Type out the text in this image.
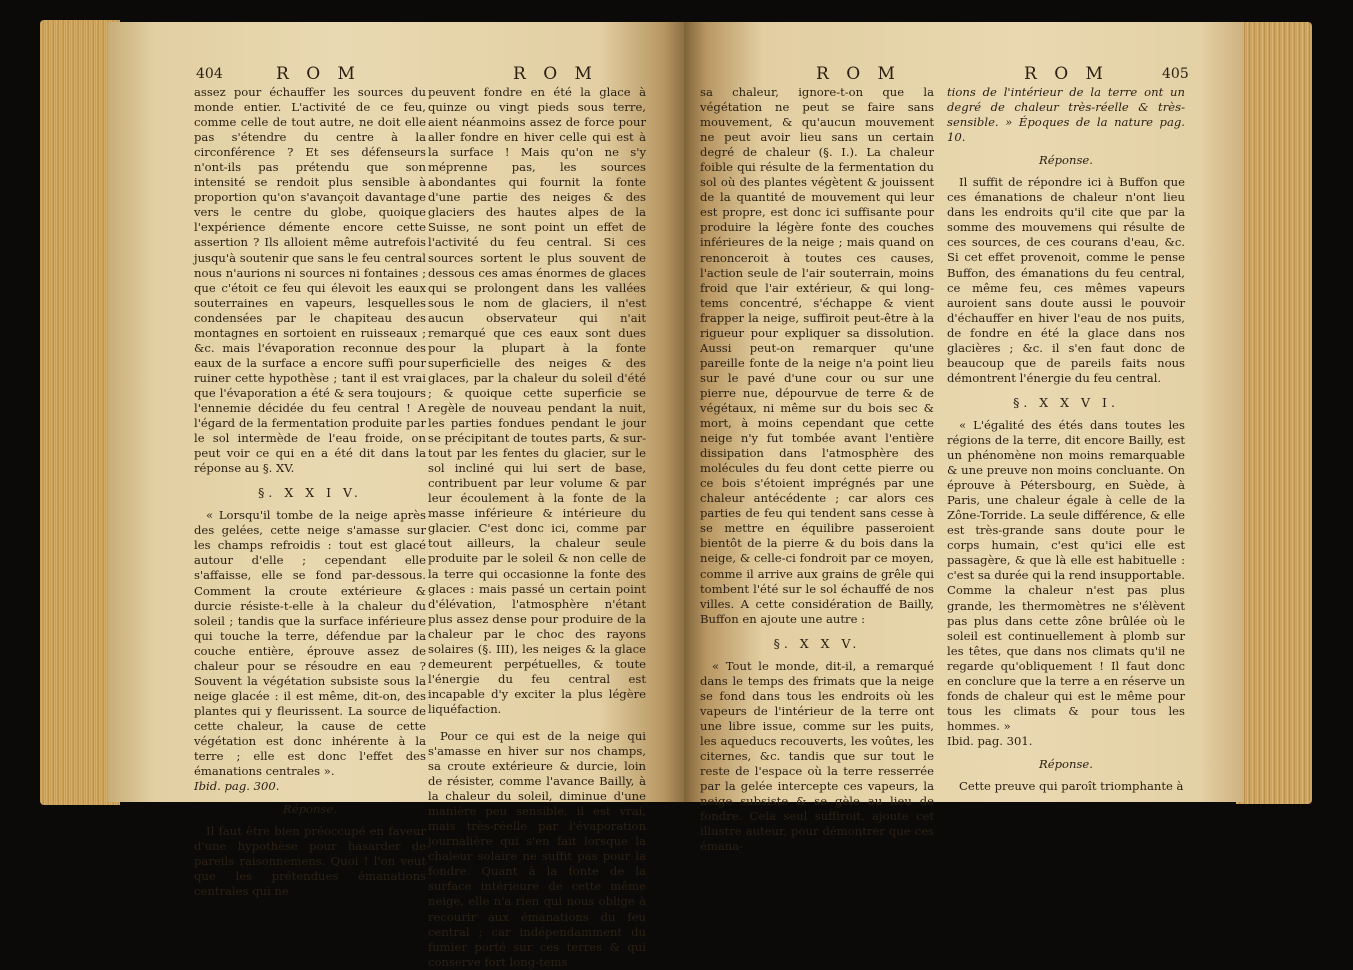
404	R O M	R O M

assez pour échauffer les sources du monde entier. L'activité de ce feu, comme celle de tout autre, ne doit elle pas s'étendre du centre à la circonférence ? Et ses défenseurs n'ont-ils pas prétendu que son intensité se rendoit plus sensible à proportion qu'on s'avançoit davantage vers le centre du globe, quoique l'expérience démente encore cette assertion ? Ils alloient même autrefois jusqu'à soutenir que sans le feu central nous n'aurions ni sources ni fontaines ; que c'étoit ce feu qui élevoit les eaux souterraines en vapeurs, lesquelles condensées par le chapiteau des montagnes en sortoient en ruisseaux ; &c. mais l'évaporation reconnue des eaux de la surface a encore suffi pour ruiner cette hypothèse ; tant il est vrai que l'évaporation a été & sera toujours l'ennemie décidée du feu central ! A l'égard de la fermentation produite par le sol intermède de l'eau froide, on peut voir ce qui en a été dit dans la réponse au §. XV.

§. X X I V.

« Lorsqu'il tombe de la neige après des gelées, cette neige s'amasse sur les champs refroidis : tout est glacé autour d'elle ; cependant elle s'affaisse, elle se fond par-dessous. Comment la croute extérieure & durcie résiste-t-elle à la chaleur du soleil ; tandis que la surface inférieure qui touche la terre, défendue par la couche entière, éprouve assez de chaleur pour se résoudre en eau ? Souvent la végétation subsiste sous la neige glacée : il est même, dit-on, des plantes qui y fleurissent. La source de cette chaleur, la cause de cette végétation est donc inhérente à la terre ; elle est donc l'effet des émanations centrales ».

Ibid. pag. 300.

Réponse.

Il faut être bien préoccupé en faveur d'une hypothèse pour hasarder de pareils raisonnemens. Quoi ! l'on veut que les prétendues émanations centrales qui ne

peuvent fondre en été la glace à quinze ou vingt pieds sous terre, aient néanmoins assez de force pour aller fondre en hiver celle qui est à la surface ! Mais qu'on ne s'y méprenne pas, les sources abondantes qui fournit la fonte d'une partie des neiges & des glaciers des hautes alpes de la Suisse, ne sont point un effet de l'activité du feu central. Si ces sources sortent le plus souvent de dessous ces amas énormes de glaces qui se prolongent dans les vallées sous le nom de glaciers, il n'est aucun observateur qui n'ait remarqué que ces eaux sont dues pour la plupart à la fonte superficielle des neiges & des glaces, par la chaleur du soleil d'été ; & quoique cette superficie se regèle de nouveau pendant la nuit, les parties fondues pendant le jour se précipitant de toutes parts, & sur-tout par les fentes du glacier, sur le sol incliné qui lui sert de base, contribuent par leur volume & par leur écoulement à la fonte de la masse inférieure & intérieure du glacier. C'est donc ici, comme par tout ailleurs, la chaleur seule produite par le soleil & non celle de la terre qui occasionne la fonte des glaces : mais passé un certain point d'élévation, l'atmosphère n'étant plus assez dense pour produire de la chaleur par le choc des rayons solaires (§. III), les neiges & la glace demeurent perpétuelles, & toute l'énergie du feu central est incapable d'y exciter la plus légère liquéfaction.

Pour ce qui est de la neige qui s'amasse en hiver sur nos champs, sa croute extérieure & durcie, loin de résister, comme l'avance Bailly, à la chaleur du soleil, diminue d'une manière peu sensible, il est vrai, mais très-réelle par l'évaporation journalière qui s'en fait lorsque la chaleur solaire ne suffit pas pour la fondre. Quant à la fonte de la surface intérieure de cette même neige, elle n'a rien qui nous oblige à recourir aux émanations du feu central ; car indépendamment du fumier porté sur ces terres & qui conserve fort long-tems

R O M	R O M	405

sa chaleur, ignore-t-on que la végétation ne peut se faire sans mouvement, & qu'aucun mouvement ne peut avoir lieu sans un certain degré de chaleur (§. I.). La chaleur foible qui résulte de la fermentation du sol où des plantes végètent & jouissent de la quantité de mouvement qui leur est propre, est donc ici suffisante pour produire la légère fonte des couches inférieures de la neige ; mais quand on renonceroit à toutes ces causes, l'action seule de l'air souterrain, moins froid que l'air extérieur, & qui long-tems concentré, s'échappe & vient frapper la neige, suffiroit peut-être à la rigueur pour expliquer sa dissolution. Aussi peut-on remarquer qu'une pareille fonte de la neige n'a point lieu sur le pavé d'une cour ou sur une pierre nue, dépourvue de terre & de végétaux, ni même sur du bois sec & mort, à moins cependant que cette neige n'y fut tombée avant l'entière dissipation dans l'atmosphère des molécules du feu dont cette pierre ou ce bois s'étoient imprégnés par une chaleur antécédente ; car alors ces parties de feu qui tendent sans cesse à se mettre en équilibre passeroient bientôt de la pierre & du bois dans la neige, & celle-ci fondroit par ce moyen, comme il arrive aux grains de grêle qui tombent l'été sur le sol échauffé de nos villes. A cette considération de Bailly, Buffon en ajoute une autre :

§. X X V.

« Tout le monde, dit-il, a remarqué dans le temps des frimats que la neige se fond dans tous les endroits où les vapeurs de l'intérieur de la terre ont une libre issue, comme sur les puits, les aqueducs recouverts, les voûtes, les citernes, &c. tandis que sur tout le reste de l'espace où la terre resserrée par la gelée intercepte ces vapeurs, la neige subsiste & se gèle au lieu de fondre. Cela seul suffiroit, ajoute cet illustre auteur, pour démontrer que ces émana-

tions de l'intérieur de la terre ont un degré de chaleur très-réelle & très-sensible. » Époques de la nature pag. 10.

Réponse.

Il suffit de répondre ici à Buffon que ces émanations de chaleur n'ont lieu dans les endroits qu'il cite que par la somme des mouvemens qui résulte de ces sources, de ces courans d'eau, &c. Si cet effet provenoit, comme le pense Buffon, des émanations du feu central, ce même feu, ces mêmes vapeurs auroient sans doute aussi le pouvoir d'échauffer en hiver l'eau de nos puits, de fondre en été la glace dans nos glacières ; &c. il s'en faut donc de beaucoup que de pareils faits nous démontrent l'énergie du feu central.

§. X X V I.

« L'égalité des étés dans toutes les régions de la terre, dit encore Bailly, est un phénomène non moins remarquable & une preuve non moins concluante. On éprouve à Pétersbourg, en Suède, à Paris, une chaleur égale à celle de la Zône-Torride. La seule différence, & elle est très-grande sans doute pour le corps humain, c'est qu'ici elle est passagère, & que là elle est habituelle : c'est sa durée qui la rend insupportable. Comme la chaleur n'est pas plus grande, les thermomètres ne s'élèvent pas plus dans cette zône brûlée où le soleil est continuellement à plomb sur les têtes, que dans nos climats qu'il ne regarde qu'obliquement ! Il faut donc en conclure que la terre a en réserve un fonds de chaleur qui est le même pour tous les climats & pour tous les hommes. »

Ibid. pag. 301.

Réponse.

Cette preuve qui paroît triomphante à
